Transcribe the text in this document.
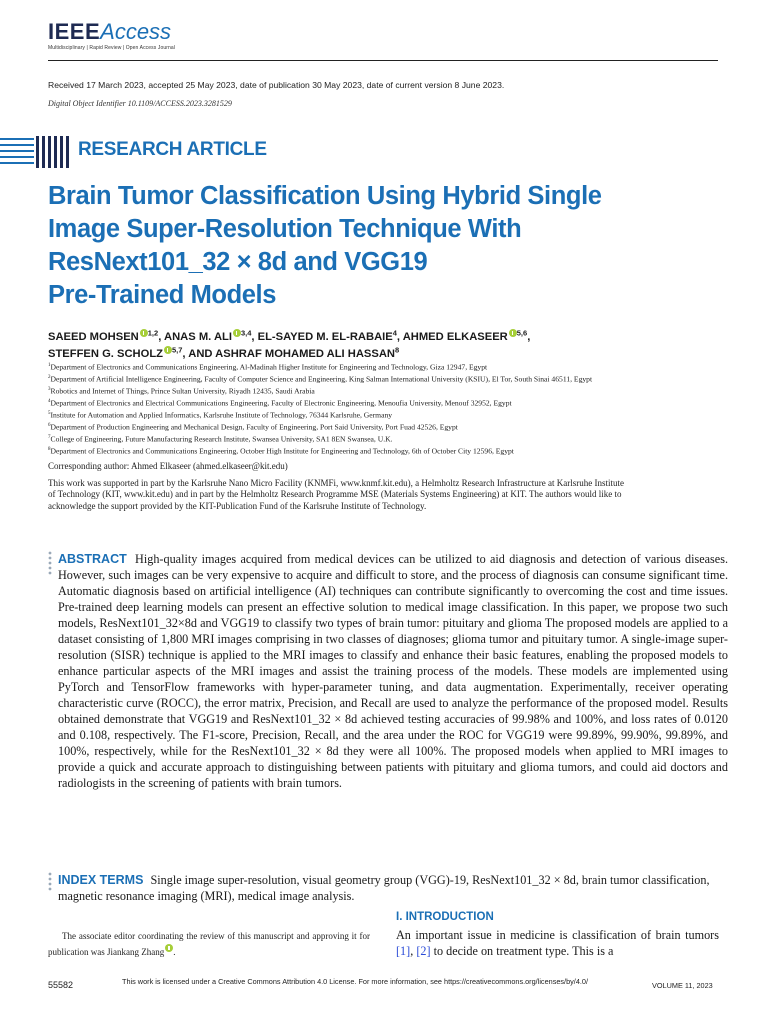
IEEEAccess
Multidisciplinary | Rapid Review | Open Access Journal
Received 17 March 2023, accepted 25 May 2023, date of publication 30 May 2023, date of current version 8 June 2023.
Digital Object Identifier 10.1109/ACCESS.2023.3281529
RESEARCH ARTICLE
Brain Tumor Classification Using Hybrid Single
Image Super-Resolution Technique With
ResNext101_32 × 8d and VGG19
Pre-Trained Models
SAEED MOHSEN $^{1,2}$, ANAS M. ALI $^{3,4}$, EL-SAYED M. EL-RABAIE$^4$, AHMED ELKASEER $^{5,6}$,
STEFFEN G. SCHOLZ $^{5,7}$, AND ASHRAF MOHAMED ALI HASSAN$^8$
$^1$Department of Electronics and Communications Engineering, Al-Madinah Higher Institute for Engineering and Technology, Giza 12947, Egypt
$^2$Department of Artificial Intelligence Engineering, Faculty of Computer Science and Engineering, King Salman International University (KSIU), El Tor, South Sinai 46511, Egypt
$^3$Robotics and Internet of Things, Prince Sultan University, Riyadh 12435, Saudi Arabia
$^4$Department of Electronics and Electrical Communications Engineering, Faculty of Electronic Engineering, Menoufia University, Menouf 32952, Egypt
$^5$Institute for Automation and Applied Informatics, Karlsruhe Institute of Technology, 76344 Karlsruhe, Germany
$^6$Department of Production Engineering and Mechanical Design, Faculty of Engineering, Port Said University, Port Fuad 42526, Egypt
$^7$College of Engineering, Future Manufacturing Research Institute, Swansea University, SA1 8EN Swansea, U.K.
$^8$Department of Electronics and Communications Engineering, October High Institute for Engineering and Technology, 6th of October City 12596, Egypt
Corresponding author: Ahmed Elkaseer (ahmed.elkaseer@kit.edu)
This work was supported in part by the Karlsruhe Nano Micro Facility (KNMFi, www.knmf.kit.edu), a Helmholtz Research Infrastructure at Karlsruhe Institute of Technology (KIT, www.kit.edu) and in part by the Helmholtz Research Programme MSE (Materials Systems Engineering) at KIT. The authors would like to acknowledge the support provided by the KIT-Publication Fund of the Karlsruhe Institute of Technology.
ABSTRACT High-quality images acquired from medical devices can be utilized to aid diagnosis and detection of various diseases. However, such images can be very expensive to acquire and difficult to store, and the process of diagnosis can consume significant time. Automatic diagnosis based on artificial intelligence (AI) techniques can contribute significantly to overcoming the cost and time issues. Pre-trained deep learning models can present an effective solution to medical image classification. In this paper, we propose two such models, ResNext101_32×8d and VGG19 to classify two types of brain tumor: pituitary and glioma The proposed models are applied to a dataset consisting of 1,800 MRI images comprising in two classes of diagnoses; glioma tumor and pituitary tumor. A single-image super-resolution (SISR) technique is applied to the MRI images to classify and enhance their basic features, enabling the proposed models to enhance particular aspects of the MRI images and assist the training process of the models. These models are implemented using PyTorch and TensorFlow frameworks with hyper-parameter tuning, and data augmentation. Experimentally, receiver operating characteristic curve (ROCC), the error matrix, Precision, and Recall are used to analyze the performance of the proposed model. Results obtained demonstrate that VGG19 and ResNext101_32 × 8d achieved testing accuracies of 99.98% and 100%, and loss rates of 0.0120 and 0.108, respectively. The F1-score, Precision, Recall, and the area under the ROC for VGG19 were 99.89%, 99.90%, 99.89%, and 100%, respectively, while for the ResNext101_32 × 8d they were all 100%. The proposed models when applied to MRI images to provide a quick and accurate approach to distinguishing between patients with pituitary and glioma tumors, and could aid doctors and radiologists in the screening of patients with brain tumors.
INDEX TERMS Single image super-resolution, visual geometry group (VGG)-19, ResNext101_32 × 8d, brain tumor classification, magnetic resonance imaging (MRI), medical image analysis.
The associate editor coordinating the review of this manuscript and approving it for publication was Jiankang Zhang .
I. INTRODUCTION
An important issue in medicine is classification of brain tumors [1], [2] to decide on treatment type. This is a
55582	This work is licensed under a Creative Commons Attribution 4.0 License. For more information, see https://creativecommons.org/licenses/by/4.0/	VOLUME 11, 2023
